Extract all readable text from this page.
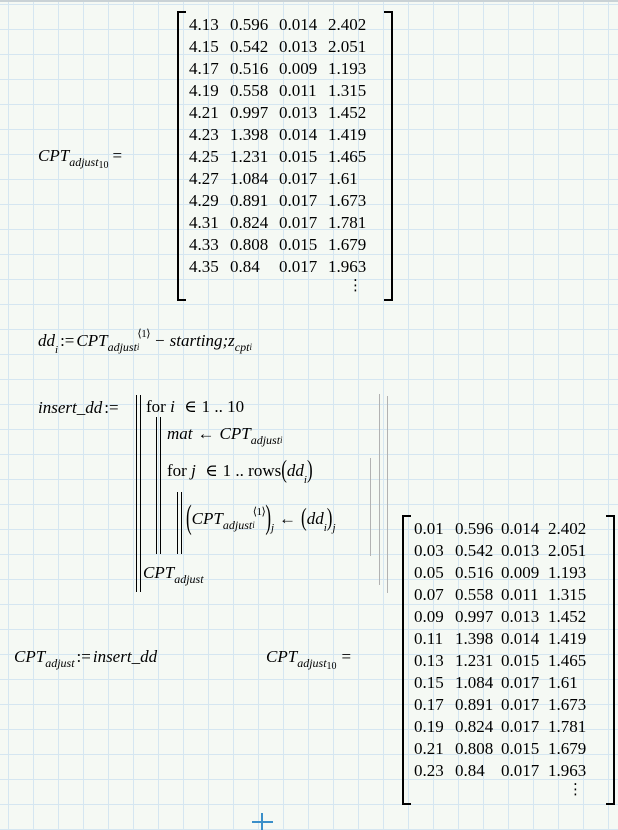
$CPT_{adjust10}=$
4.13 0.596 0.014 2.402
4.15 0.542 0.013 2.051
4.17 0.516 0.009 1.193
4.19 0.558 0.011 1.315
4.21 0.997 0.013 1.452
4.23 1.398 0.014 1.419
4.25 1.231 0.015 1.465
4.27 1.084 0.017 1.61
4.29 0.891 0.017 1.673
4.31 0.824 0.017 1.781
4.33 0.808 0.015 1.679
4.35 0.84	0.017 1.963
⋮
$dd_i$ := $CPT_{adjusti}^{⟨1⟩}$ − $starting;z_{cpti}$
insert_dd := for i ∈ 1 .. 10
mat ← $CPT_{adjusti}$
for j ∈ 1 .. $rows(dd_i)$
$(CPT_{adjusti}^{⟨1⟩})_j$ ← $(dd_i)_j$
$CPT_{adjust}$
$CPT_{adjust}$ := insert_dd	$CPT_{adjust10}=$
0.01 0.596 0.014 2.402
0.03 0.542 0.013 2.051
0.05 0.516 0.009 1.193
0.07 0.558 0.011 1.315
0.09 0.997 0.013 1.452
0.11 1.398 0.014 1.419
0.13 1.231 0.015 1.465
0.15 1.084 0.017 1.61
0.17 0.891 0.017 1.673
0.19 0.824 0.017 1.781
0.21 0.808 0.015 1.679
0.23 0.84 0.017 1.963
⋮
